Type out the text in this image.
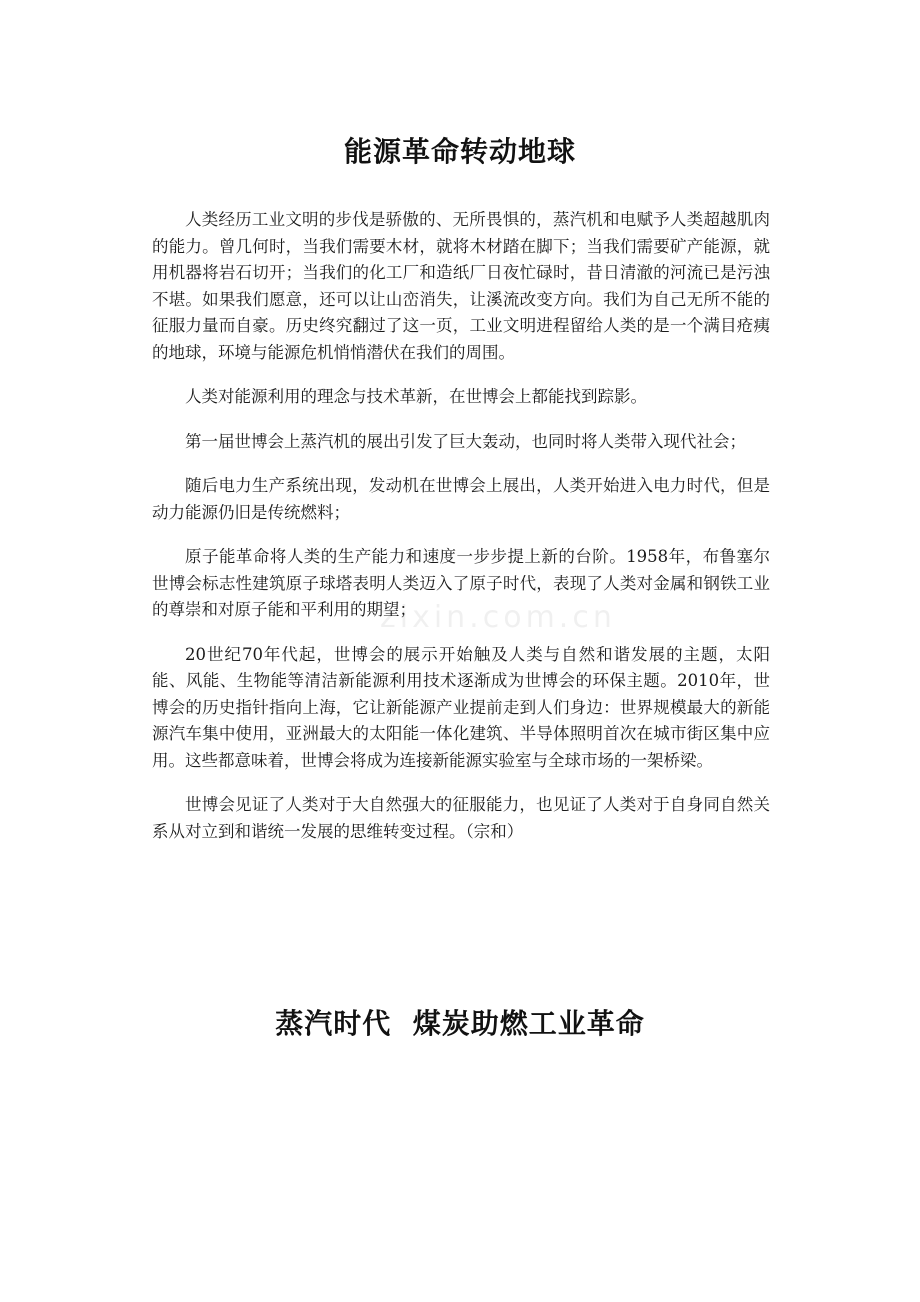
能源革命转动地球

人类经历工业文明的步伐是骄傲的、无所畏惧的，蒸汽机和电赋予人类超越肌肉的能力。曾几何时，当我们需要木材，就将木材踏在脚下；当我们需要矿产能源，就用机器将岩石切开；当我们的化工厂和造纸厂日夜忙碌时，昔日清澈的河流已是污浊不堪。如果我们愿意，还可以让山峦消失，让溪流改变方向。我们为自己无所不能的征服力量而自豪。历史终究翻过了这一页，工业文明进程留给人类的是一个满目疮痍的地球，环境与能源危机悄悄潜伏在我们的周围。

人类对能源利用的理念与技术革新，在世博会上都能找到踪影。

第一届世博会上蒸汽机的展出引发了巨大轰动，也同时将人类带入现代社会；

随后电力生产系统出现，发动机在世博会上展出，人类开始进入电力时代，但是动力能源仍旧是传统燃料；

原子能革命将人类的生产能力和速度一步步提上新的台阶。1958年，布鲁塞尔世博会标志性建筑原子球塔表明人类迈入了原子时代，表现了人类对金属和钢铁工业的尊崇和对原子能和平利用的期望；

20世纪70年代起，世博会的展示开始触及人类与自然和谐发展的主题，太阳能、风能、生物能等清洁新能源利用技术逐渐成为世博会的环保主题。2010年，世博会的历史指针指向上海，它让新能源产业提前走到人们身边：世界规模最大的新能源汽车集中使用，亚洲最大的太阳能一体化建筑、半导体照明首次在城市街区集中应用。这些都意味着，世博会将成为连接新能源实验室与全球市场的一架桥梁。

世博会见证了人类对于大自然强大的征服能力，也见证了人类对于自身同自然关系从对立到和谐统一发展的思维转变过程。（宗和）

zixin.com.cn
蒸汽时代  煤炭助燃工业革命
